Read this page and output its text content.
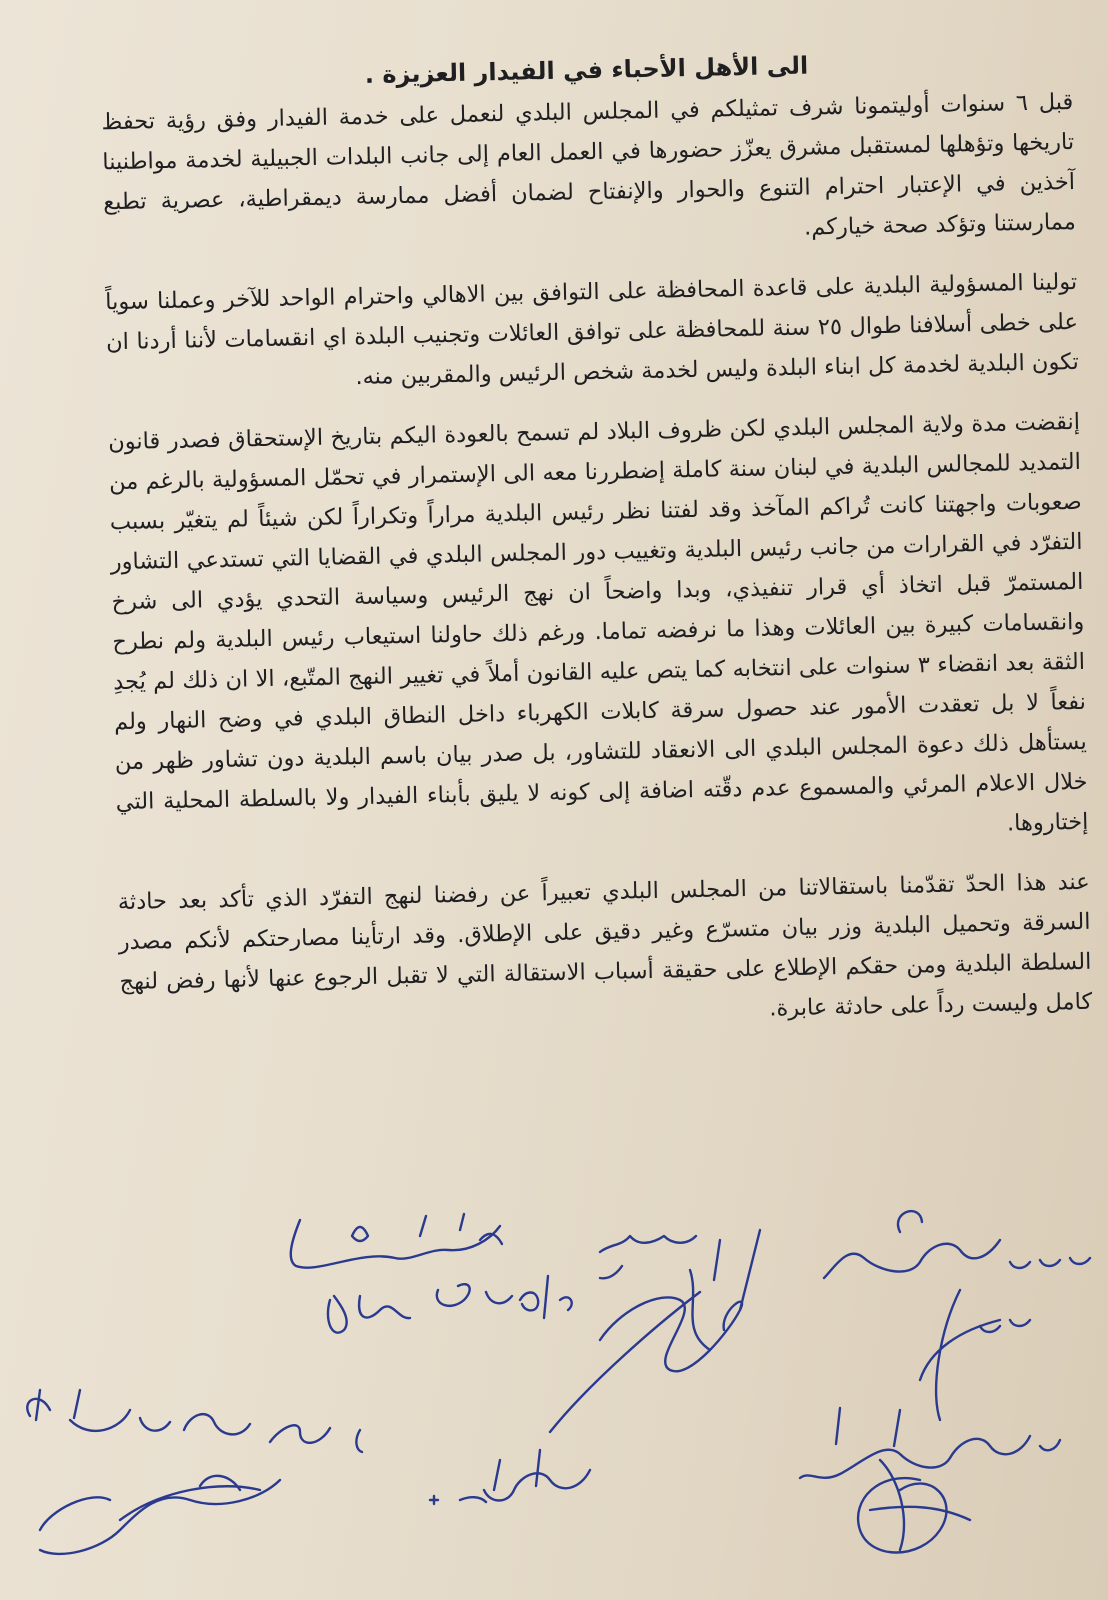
الى الأهل الأحباء في الفيدار العزيزة .

قبل ٦ سنوات أوليتمونا شرف تمثيلكم في المجلس البلدي لنعمل على خدمة الفيدار وفق رؤية تحفظ تاريخها وتؤهلها لمستقبل مشرق يعزّز حضورها في العمل العام إلى جانب البلدات الجبيلية لخدمة مواطنينا آخذين في الإعتبار احترام التنوع والحوار والإنفتاح لضمان أفضل ممارسة ديمقراطية، عصرية تطبع ممارستنا وتؤكد صحة خياركم.

تولينا المسؤولية البلدية على قاعدة المحافظة على التوافق بين الاهالي واحترام الواحد للآخر وعملنا سوياً على خطى أسلافنا طوال ٢٥ سنة للمحافظة على توافق العائلات وتجنيب البلدة اي انقسامات لأننا أردنا ان تكون البلدية لخدمة كل ابناء البلدة وليس لخدمة شخص الرئيس والمقربين منه.

إنقضت مدة ولاية المجلس البلدي لكن ظروف البلاد لم تسمح بالعودة اليكم بتاريخ الإستحقاق فصدر قانون التمديد للمجالس البلدية في لبنان سنة كاملة إضطررنا معه الى الإستمرار في تحمّل المسؤولية بالرغم من صعوبات واجهتنا كانت تُراكم المآخذ وقد لفتنا نظر رئيس البلدية مراراً وتكراراً لكن شيئاً لم يتغيّر بسبب التفرّد في القرارات من جانب رئيس البلدية وتغييب دور المجلس البلدي في القضايا التي تستدعي التشاور المستمرّ قبل اتخاذ أي قرار تنفيذي، وبدا واضحاً ان نهج الرئيس وسياسة التحدي يؤدي الى شرخ وانقسامات كبيرة بين العائلات وهذا ما نرفضه تماما. ورغم ذلك حاولنا استيعاب رئيس البلدية ولم نطرح الثقة بعد انقضاء ٣ سنوات على انتخابه كما يتص عليه القانون أملاً في تغيير النهج المتّبع، الا ان ذلك لم يُجدِ نفعاً لا بل تعقدت الأمور عند حصول سرقة كابلات الكهرباء داخل النطاق البلدي في وضح النهار ولم يستأهل ذلك دعوة المجلس البلدي الى الانعقاد للتشاور، بل صدر بيان باسم البلدية دون تشاور ظهر من خلال الاعلام المرئي والمسموع عدم دقّته اضافة إلى كونه لا يليق بأبناء الفيدار ولا بالسلطة المحلية التي إختاروها.

عند هذا الحدّ تقدّمنا باستقالاتنا من المجلس البلدي تعبيراً عن رفضنا لنهج التفرّد الذي تأكد بعد حادثة السرقة وتحميل البلدية وزر بيان متسرّع وغير دقيق على الإطلاق. وقد ارتأينا مصارحتكم لأنكم مصدر السلطة البلدية ومن حقكم الإطلاع على حقيقة أسباب الاستقالة التي لا تقبل الرجوع عنها لأنها رفض لنهج كامل وليست رداً على حادثة عابرة.
